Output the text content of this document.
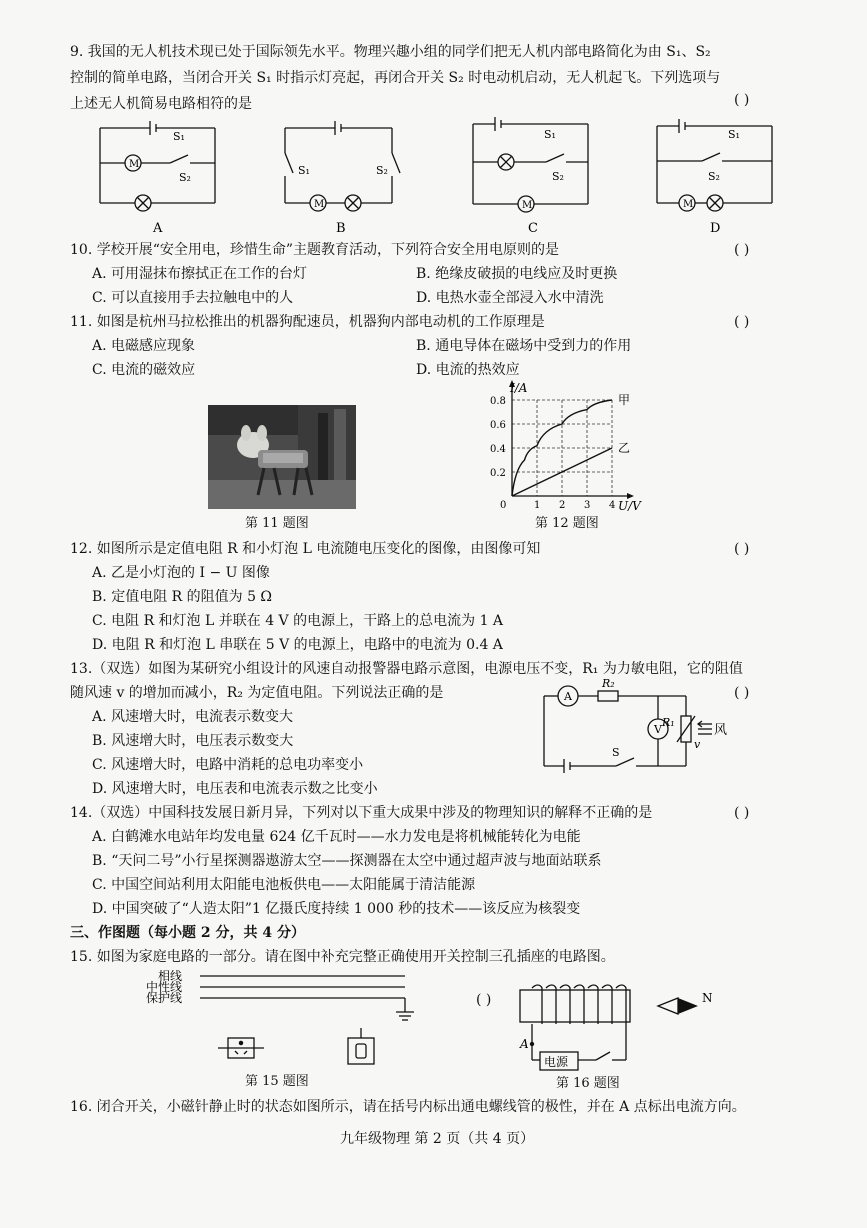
9. 我国的无人机技术现已处于国际领先水平。物理兴趣小组的同学们把无人机内部电路简化为由 S₁、S₂
控制的简单电路，当闭合开关 S₁ 时指示灯亮起，再闭合开关 S₂ 时电动机启动，无人机起飞。下列选项与
上述无人机简易电路相符的是	( )
M
S₁
S₂
A
M
S₁	S₂
B
M
S₁
S₂
C
M
S₁
S₂
D
10. 学校开展“安全用电，珍惜生命”主题教育活动，下列符合安全用电原则的是	( )
A. 可用湿抹布擦拭正在工作的台灯	B. 绝缘皮破损的电线应及时更换
C. 可以直接用手去拉触电中的人	D. 电热水壶全部浸入水中清洗
11. 如图是杭州马拉松推出的机器狗配速员，机器狗内部电动机的工作原理是	( )
A. 电磁感应现象	B. 通电导体在磁场中受到力的作用
C. 电流的磁效应	D. 电流的热效应
第 11 题图
甲
乙
0	1 2 3 4
0.2
0.4
0.6
0.8
I/A
U/V
第 12 题图
12. 如图所示是定值电阻 R 和小灯泡 L 电流随电压变化的图像，由图像可知	( )
A. 乙是小灯泡的 I − U 图像
B. 定值电阻 R 的阻值为 5 Ω
C. 电阻 R 和灯泡 L 并联在 4 V 的电源上，干路上的总电流为 1 A
D. 电阻 R 和灯泡 L 串联在 5 V 的电源上，电路中的电流为 0.4 A
13.（双选）如图为某研究小组设计的风速自动报警器电路示意图，电源电压不变，R₁ 为力敏电阻，它的阻值
随风速 v 的增加而减小，R₂ 为定值电阻。下列说法正确的是	( )
A. 风速增大时，电流表示数变大
B. 风速增大时，电压表示数变大
C. 风速增大时，电路中消耗的总电功率变小
D. 风速增大时，电压表和电流表示数之比变小
A
V
R₂
R₁
S
v
风
14.（双选）中国科技发展日新月异，下列对以下重大成果中涉及的物理知识的解释不正确的是	( )
A. 白鹤滩水电站年均发电量 624 亿千瓦时——水力发电是将机械能转化为电能
B. “天问二号”小行星探测器遨游太空——探测器在太空中通过超声波与地面站联系
C. 中国空间站利用太阳能电池板供电——太阳能属于清洁能源
D. 中国突破了“人造太阳”1 亿摄氏度持续 1 000 秒的技术——该反应为核裂变
三、作图题（每小题 2 分，共 4 分）
15. 如图为家庭电路的一部分。请在图中补充完整正确使用开关控制三孔插座的电路图。
相线
中性线
保护线
第 15 题图
( )
A
电源
N
第 16 题图
16. 闭合开关，小磁针静止时的状态如图所示，请在括号内标出通电螺线管的极性，并在 A 点标出电流方向。
九年级物理 第 2 页（共 4 页）
